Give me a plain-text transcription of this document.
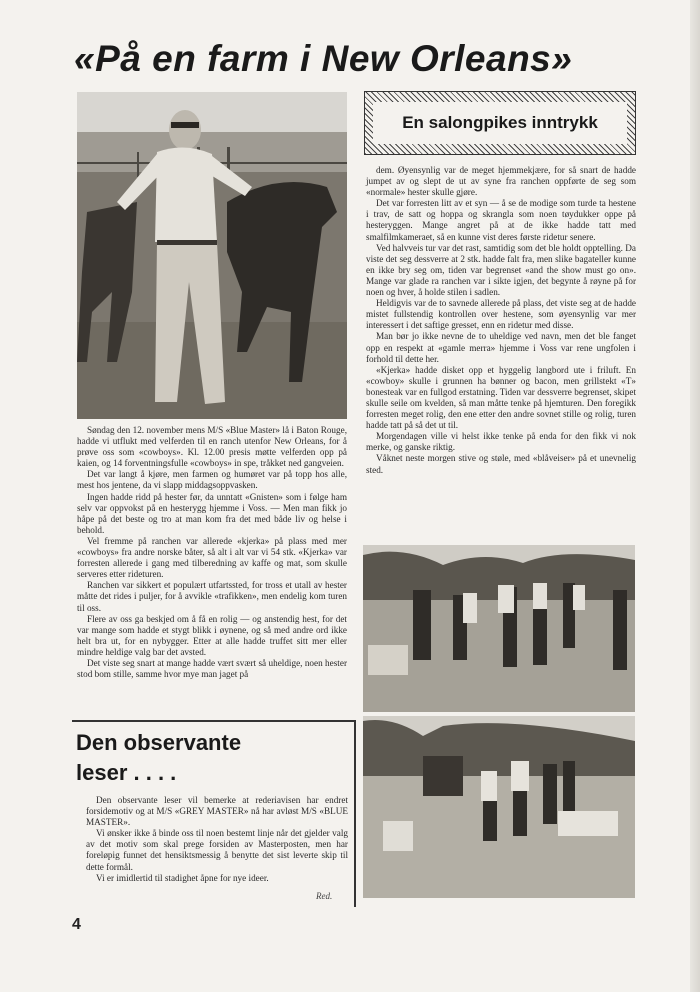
«På en farm i New Orleans»

Søndag den 12. november mens M/S «Blue Master» lå i Baton Rouge, hadde vi utflukt med velferden til en ranch utenfor New Orleans, for å prøve oss som «cowboys». Kl. 12.00 presis møtte velferden opp på kaien, og 14 forventningsfulle «cowboys» in spe, tråkket ned gangveien.

Det var langt å kjøre, men farmen og humøret var på topp hos alle, mest hos jentene, da vi slapp middagsoppvasken.

Ingen hadde ridd på hester før, da unntatt «Gnisten» som i følge ham selv var oppvokst på en hesterygg hjemme i Voss. — Men man fikk jo håpe på det beste og tro at man kom fra det med både liv og helse i behold.

Vel fremme på ranchen var allerede «kjerka» på plass med mer «cowboys» fra andre norske båter, så alt i alt var vi 54 stk. «Kjerka» var forresten allerede i gang med tilberedning av kaffe og mat, som skulle serveres etter rideturen.

Ranchen var sikkert et populært utfartssted, for tross et utall av hester måtte det rides i puljer, for å avvikle «trafikken», men endelig kom turen til oss.

Flere av oss ga beskjed om å få en rolig — og anstendig hest, for det var mange som hadde et stygt blikk i øynene, og så med andre ord ikke helt bra ut, for en nybygger. Etter at alle hadde truffet sitt mer eller mindre heldige valg bar det avsted.

Det viste seg snart at mange hadde vært svært så uheldige, noen hester stod bom stille, samme hvor mye man jaget på

En salongpikes inntrykk

dem. Øyensynlig var de meget hjemmekjære, for så snart de hadde jumpet av og slept de ut av syne fra ranchen oppførte de seg som «normale» hester skulle gjøre.

Det var forresten litt av et syn — å se de modige som turde ta hestene i trav, de satt og hoppa og skrangla som noen tøydukker oppe på hesteryggen. Mange angret på at de ikke hadde tatt med smalfilmkameraet, så en kunne vist deres første ridetur senere.

Ved halvveis tur var det rast, samtidig som det ble holdt opptelling. Da viste det seg dessverre at 2 stk. hadde falt fra, men slike bagateller kunne en ikke bry seg om, tiden var begrenset «and the show must go on». Mange var glade ra ranchen var i sikte igjen, det begynte å røyne på for noen og hver, å holde stilen i sadlen.

Heldigvis var de to savnede allerede på plass, det viste seg at de hadde mistet fullstendig kontrollen over hestene, som øyensynlig var mer interessert i det saftige gresset, enn en ridetur med disse.

Man bør jo ikke nevne de to uheldige ved navn, men det ble fanget opp en respekt at «gamle merra» hjemme i Voss var rene ungfolen i forhold til dette her.

«Kjerka» hadde disket opp et hyggelig langbord ute i friluft. En «cowboy» skulle i grunnen ha bønner og bacon, men grillstekt «T» bonesteak var en fullgod erstatning. Tiden var dessverre begrenset, skipet skulle seile om kvelden, så man måtte tenke på hjemturen. Den foregikk forresten meget rolig, den ene etter den andre sovnet stille og rolig, turen hadde tatt på så det ut til.

Morgendagen ville vi helst ikke tenke på enda for den fikk vi nok merke, og ganske riktig.

Våknet neste morgen stive og støle, med «blåveiser» på et unevnelig sted.

Den observante
leser . . . .

Den observante leser vil bemerke at rederiavisen har endret forsidemotiv og at M/S «GREY MASTER» nå har avløst M/S «BLUE MASTER».

Vi ønsker ikke å binde oss til noen bestemt linje når det gjelder valg av det motiv som skal prege forsiden av Masterposten, men har foreløpig funnet det hensiktsmessig å benytte det sist leverte skip til dette formål.

Vi er imidlertid til stadighet åpne for nye ideer.

Red.
4
